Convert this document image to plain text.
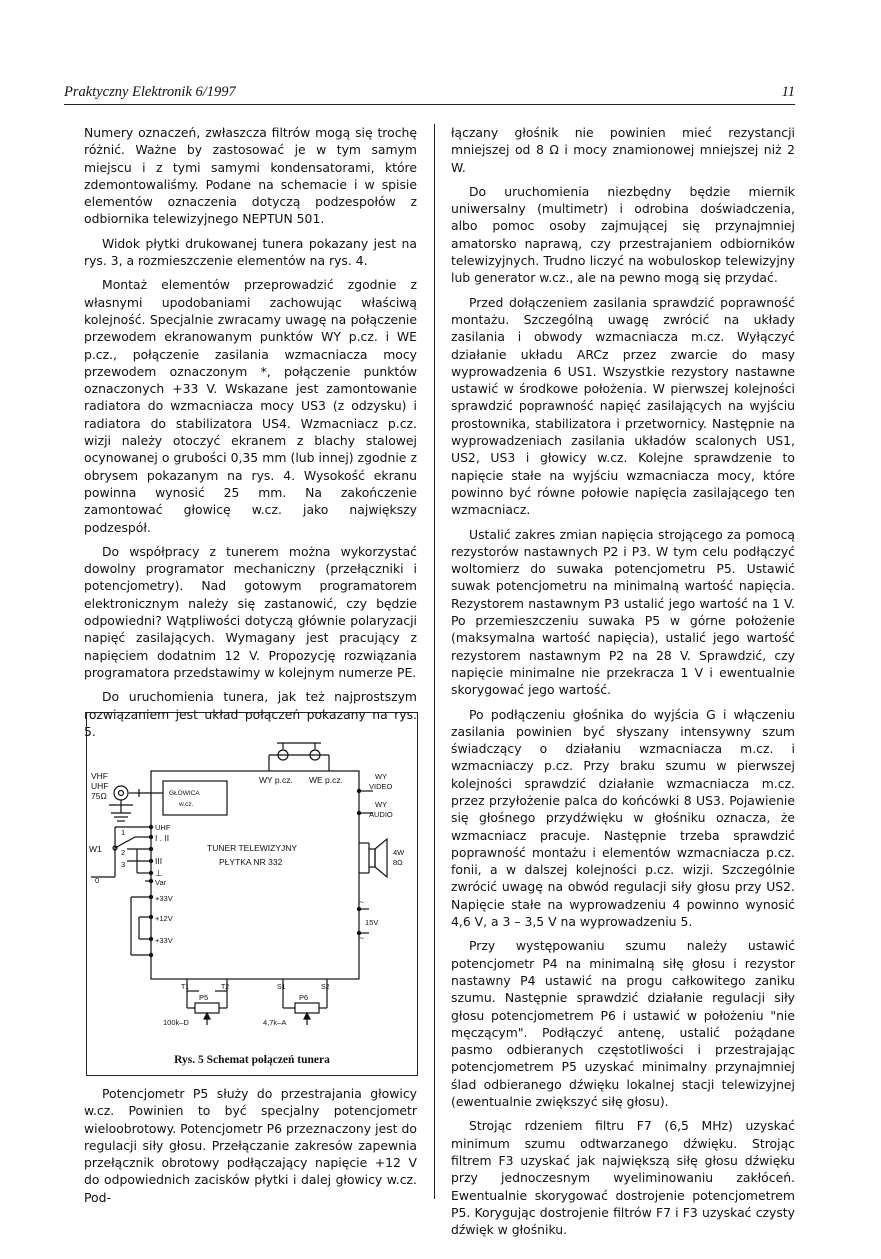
Praktyczny Elektronik 6/1997	11

Numery oznaczeń, zwłaszcza filtrów mogą się trochę różnić. Ważne by zastosować je w tym samym miejscu i z tymi samymi kondensatorami, które zdemontowaliśmy. Podane na schemacie i w spisie elementów oznaczenia dotyczą podzespołów z odbiornika telewizyjnego NEPTUN 501.

Widok płytki drukowanej tunera pokazany jest na rys. 3, a rozmieszczenie elementów na rys. 4.

Montaż elementów przeprowadzić zgodnie z własnymi upodobaniami zachowując właściwą kolejność. Specjalnie zwracamy uwagę na połączenie przewodem ekranowanym punktów WY p.cz. i WE p.cz., połączenie zasilania wzmacniacza mocy przewodem oznaczonym *, połączenie punktów oznaczonych +33 V. Wskazane jest zamontowanie radiatora do wzmacniacza mocy US3 (z odzysku) i radiatora do stabilizatora US4. Wzmacniacz p.cz. wizji należy otoczyć ekranem z blachy stalowej ocynowanej o grubości 0,35 mm (lub innej) zgodnie z obrysem pokazanym na rys. 4. Wysokość ekranu powinna wynosić 25 mm. Na zakończenie zamontować głowicę w.cz. jako największy podzespół.

Do współpracy z tunerem można wykorzystać dowolny programator mechaniczny (przełączniki i potencjometry). Nad gotowym programatorem elektronicznym należy się zastanowić, czy będzie odpowiedni? Wątpliwości dotyczą głównie polaryzacji napięć zasilających. Wymagany jest pracujący z napięciem dodatnim 12 V. Propozycję rozwiązania programatora przedstawimy w kolejnym numerze PE.

Do uruchomienia tunera, jak też najprostszym rozwiązaniem jest układ połączeń pokazany na rys. 5.

VHF
UHF
75Ω	GŁOWICA
w.cz.
WY p.cz. WE p.cz.	WY
VIDEO
WY
AUDIO
UHF
I . II
III
⊥
Var
+33V
+12V
+33V
W1
1
2
3
0
TUNER TELEWIZYJNY
PŁYTKA NR 332
4W
8Ω
~
15V
~
T1	T2	S1	S2
P5	P6
100k–D	4,7k–A
Rys. 5 Schemat połączeń tunera

Potencjometr P5 służy do przestrajania głowicy w.cz. Powinien to być specjalny potencjometr wieloobrotowy. Potencjometr P6 przeznaczony jest do regulacji siły głosu. Przełączanie zakresów zapewnia przełącznik obrotowy podłączający napięcie +12 V do odpowiednich zacisków płytki i dalej głowicy w.cz. Pod-

łączany głośnik nie powinien mieć rezystancji mniejszej od 8 Ω i mocy znamionowej mniejszej niż 2 W.

Do uruchomienia niezbędny będzie miernik uniwersalny (multimetr) i odrobina doświadczenia, albo pomoc osoby zajmującej się przynajmniej amatorsko naprawą, czy przestrajaniem odbiorników telewizyjnych. Trudno liczyć na wobuloskop telewizyjny lub generator w.cz., ale na pewno mogą się przydać.

Przed dołączeniem zasilania sprawdzić poprawność montażu. Szczególną uwagę zwrócić na układy zasilania i obwody wzmacniacza m.cz. Wyłączyć działanie układu ARCz przez zwarcie do masy wyprowadzenia 6 US1. Wszystkie rezystory nastawne ustawić w środkowe położenia. W pierwszej kolejności sprawdzić poprawność napięć zasilających na wyjściu prostownika, stabilizatora i przetwornicy. Następnie na wyprowadzeniach zasilania układów scalonych US1, US2, US3 i głowicy w.cz. Kolejne sprawdzenie to napięcie stałe na wyjściu wzmacniacza mocy, które powinno być równe połowie napięcia zasilającego ten wzmacniacz.

Ustalić zakres zmian napięcia strojącego za pomocą rezystorów nastawnych P2 i P3. W tym celu podłączyć woltomierz do suwaka potencjometru P5. Ustawić suwak potencjometru na minimalną wartość napięcia. Rezystorem nastawnym P3 ustalić jego wartość na 1 V. Po przemieszczeniu suwaka P5 w górne położenie (maksymalna wartość napięcia), ustalić jego wartość rezystorem nastawnym P2 na 28 V. Sprawdzić, czy napięcie minimalne nie przekracza 1 V i ewentualnie skorygować jego wartość.

Po podłączeniu głośnika do wyjścia G i włączeniu zasilania powinien być słyszany intensywny szum świadczący o działaniu wzmacniacza m.cz. i wzmacniaczy p.cz. Przy braku szumu w pierwszej kolejności sprawdzić działanie wzmacniacza m.cz. przez przyłożenie palca do końcówki 8 US3. Pojawienie się głośnego przydźwięku w głośniku oznacza, że wzmacniacz pracuje. Następnie trzeba sprawdzić poprawność montażu i elementów wzmacniacza p.cz. fonii, a w dalszej kolejności p.cz. wizji. Szczególnie zwrócić uwagę na obwód regulacji siły głosu przy US2. Napięcie stałe na wyprowadzeniu 4 powinno wynosić 4,6 V, a 3 – 3,5 V na wyprowadzeniu 5.

Przy występowaniu szumu należy ustawić potencjometr P4 na minimalną siłę głosu i rezystor nastawny P4 ustawić na progu całkowitego zaniku szumu. Następnie sprawdzić działanie regulacji siły głosu potencjometrem P6 i ustawić w położeniu "nie męczącym". Podłączyć antenę, ustalić pożądane pasmo odbieranych częstotliwości i przestrajając potencjometrem P5 uzyskać minimalny przynajmniej ślad odbieranego dźwięku lokalnej stacji telewizyjnej (ewentualnie zwiększyć siłę głosu).

Strojąc rdzeniem filtru F7 (6,5 MHz) uzyskać minimum szumu odtwarzanego dźwięku. Strojąc filtrem F3 uzyskać jak największą siłę głosu dźwięku przy jednoczesnym wyeliminowaniu zakłóceń. Ewentualnie skorygować dostrojenie potencjometrem P5. Korygując dostrojenie filtrów F7 i F3 uzyskać czysty dźwięk w głośniku.
